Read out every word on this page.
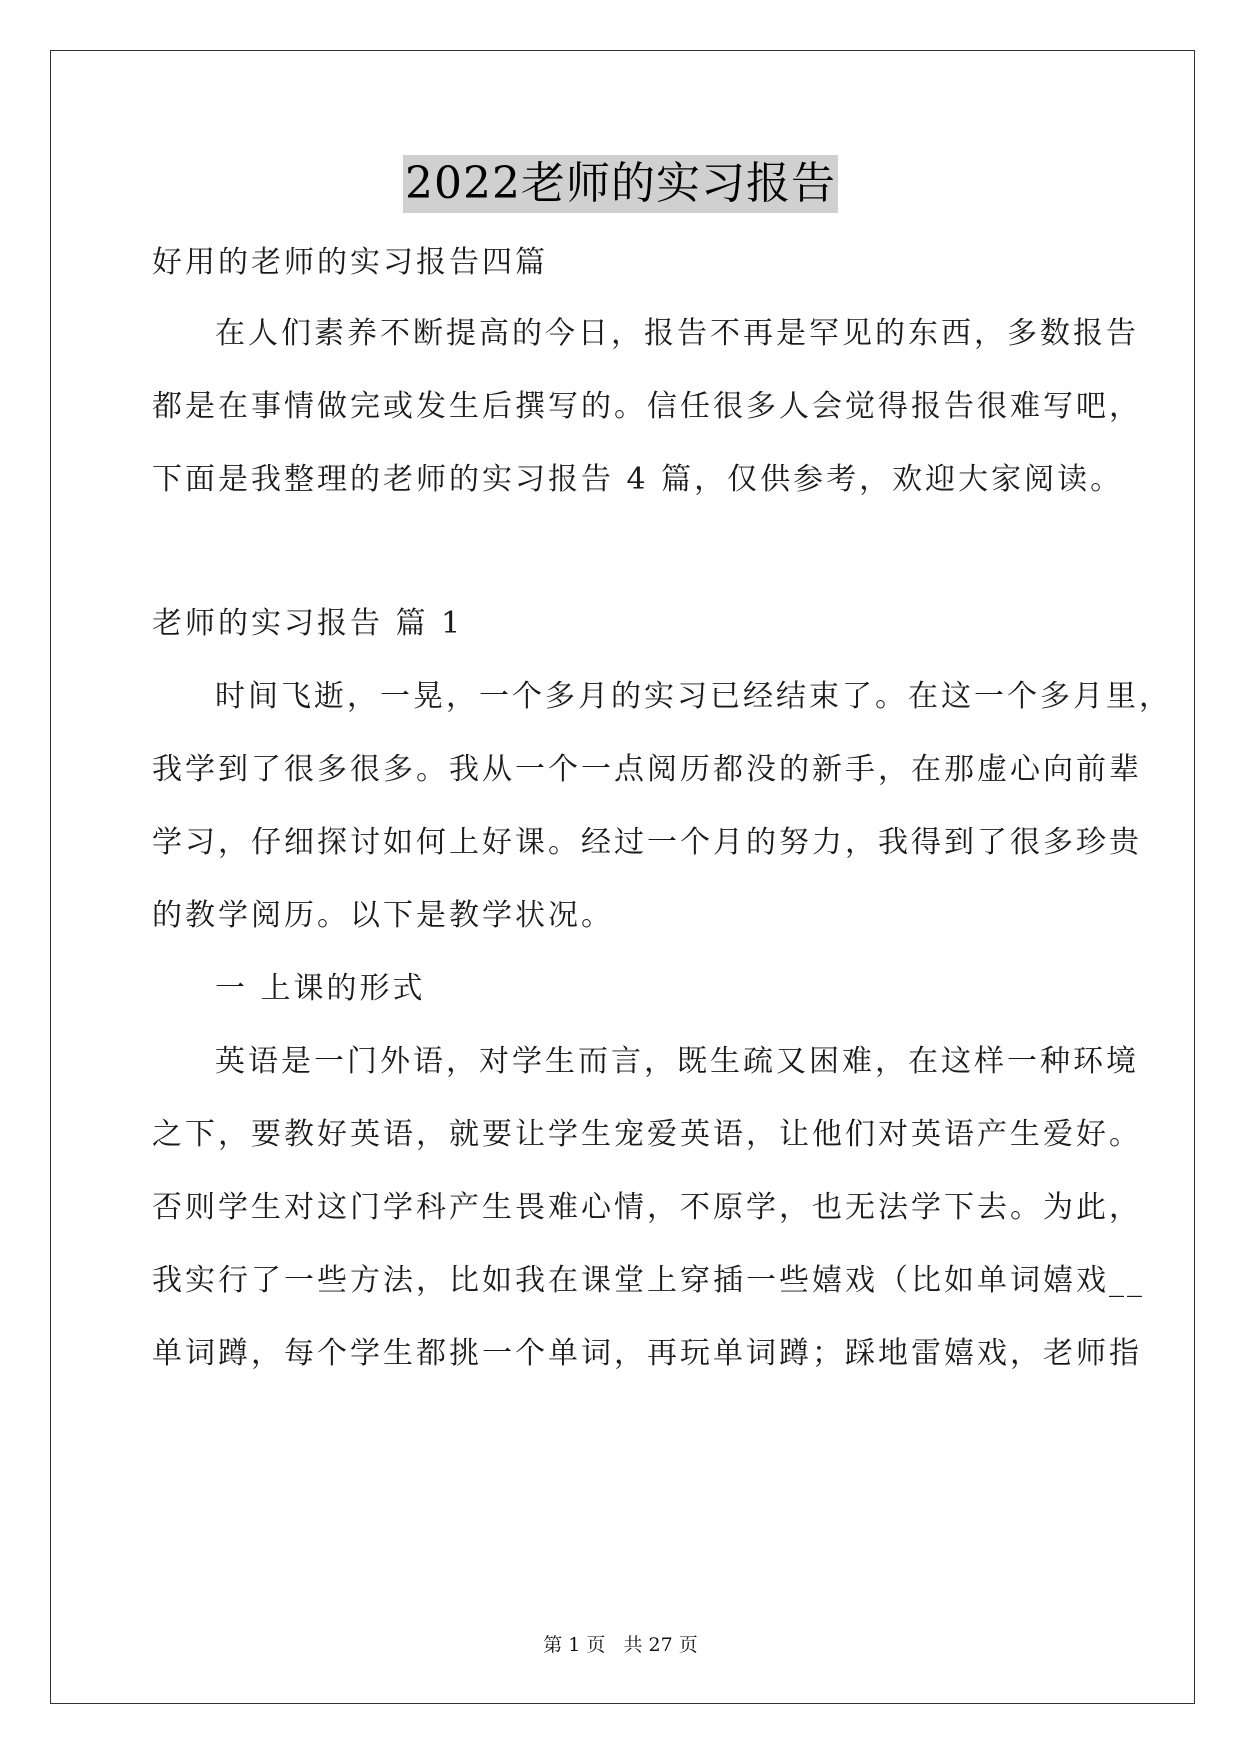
2022老师的实习报告
好用的老师的实习报告四篇
在人们素养不断提高的今日，报告不再是罕见的东西，多数报告
都是在事情做完或发生后撰写的。信任很多人会觉得报告很难写吧，
下面是我整理的老师的实习报告 4 篇，仅供参考，欢迎大家阅读。
老师的实习报告 篇 1
时间飞逝，一晃，一个多月的实习已经结束了。在这一个多月里，
我学到了很多很多。我从一个一点阅历都没的新手，在那虚心向前辈
学习，仔细探讨如何上好课。经过一个月的努力，我得到了很多珍贵
的教学阅历。以下是教学状况。
一 上课的形式
英语是一门外语，对学生而言，既生疏又困难，在这样一种环境
之下，要教好英语，就要让学生宠爱英语，让他们对英语产生爱好。
否则学生对这门学科产生畏难心情，不原学，也无法学下去。为此，
我实行了一些方法，比如我在课堂上穿插一些嬉戏（比如单词嬉戏__
单词蹲，每个学生都挑一个单词，再玩单词蹲；踩地雷嬉戏，老师指
第 1 页 共 27 页
